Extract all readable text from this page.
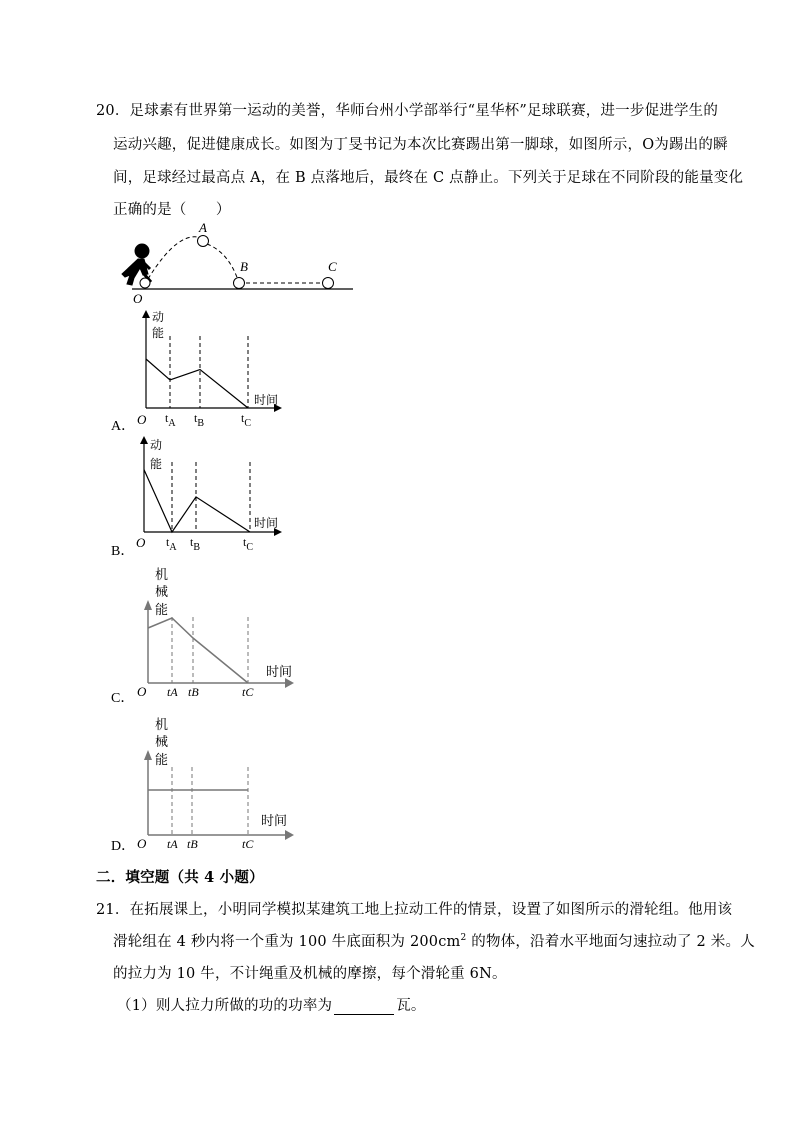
20．足球素有世界第一运动的美誉，华师台州小学部举行“星华杯”足球联赛，进一步促进学生的
运动兴趣，促进健康成长。如图为丁旻书记为本次比赛踢出第一脚球，如图所示，O为踢出的瞬
间，足球经过最高点 A，在 B 点落地后，最终在 C 点静止。下列关于足球在不同阶段的能量变化
正确的是（　　）
A
B	C
O
动
能
时间
O $t_A$ $t_B$	$t_C$
A．
动
能
时间
O $t_A$ $t_B$	$t_C$
B．
机
械
能
时间
O tA tB	tC
C．
机
械
能
时间
O tA tB	tC
D．
二．填空题（共 4 小题）
21．在拓展课上，小明同学模拟某建筑工地上拉动工件的情景，设置了如图所示的滑轮组。他用该
滑轮组在 4 秒内将一个重为 100 牛底面积为 $200cm^2$ 的物体，沿着水平地面匀速拉动了 2 米。人
的拉力为 10 牛，不计绳重及机械的摩擦，每个滑轮重 6N。
（1）则人拉力所做的功的功率为	瓦。
